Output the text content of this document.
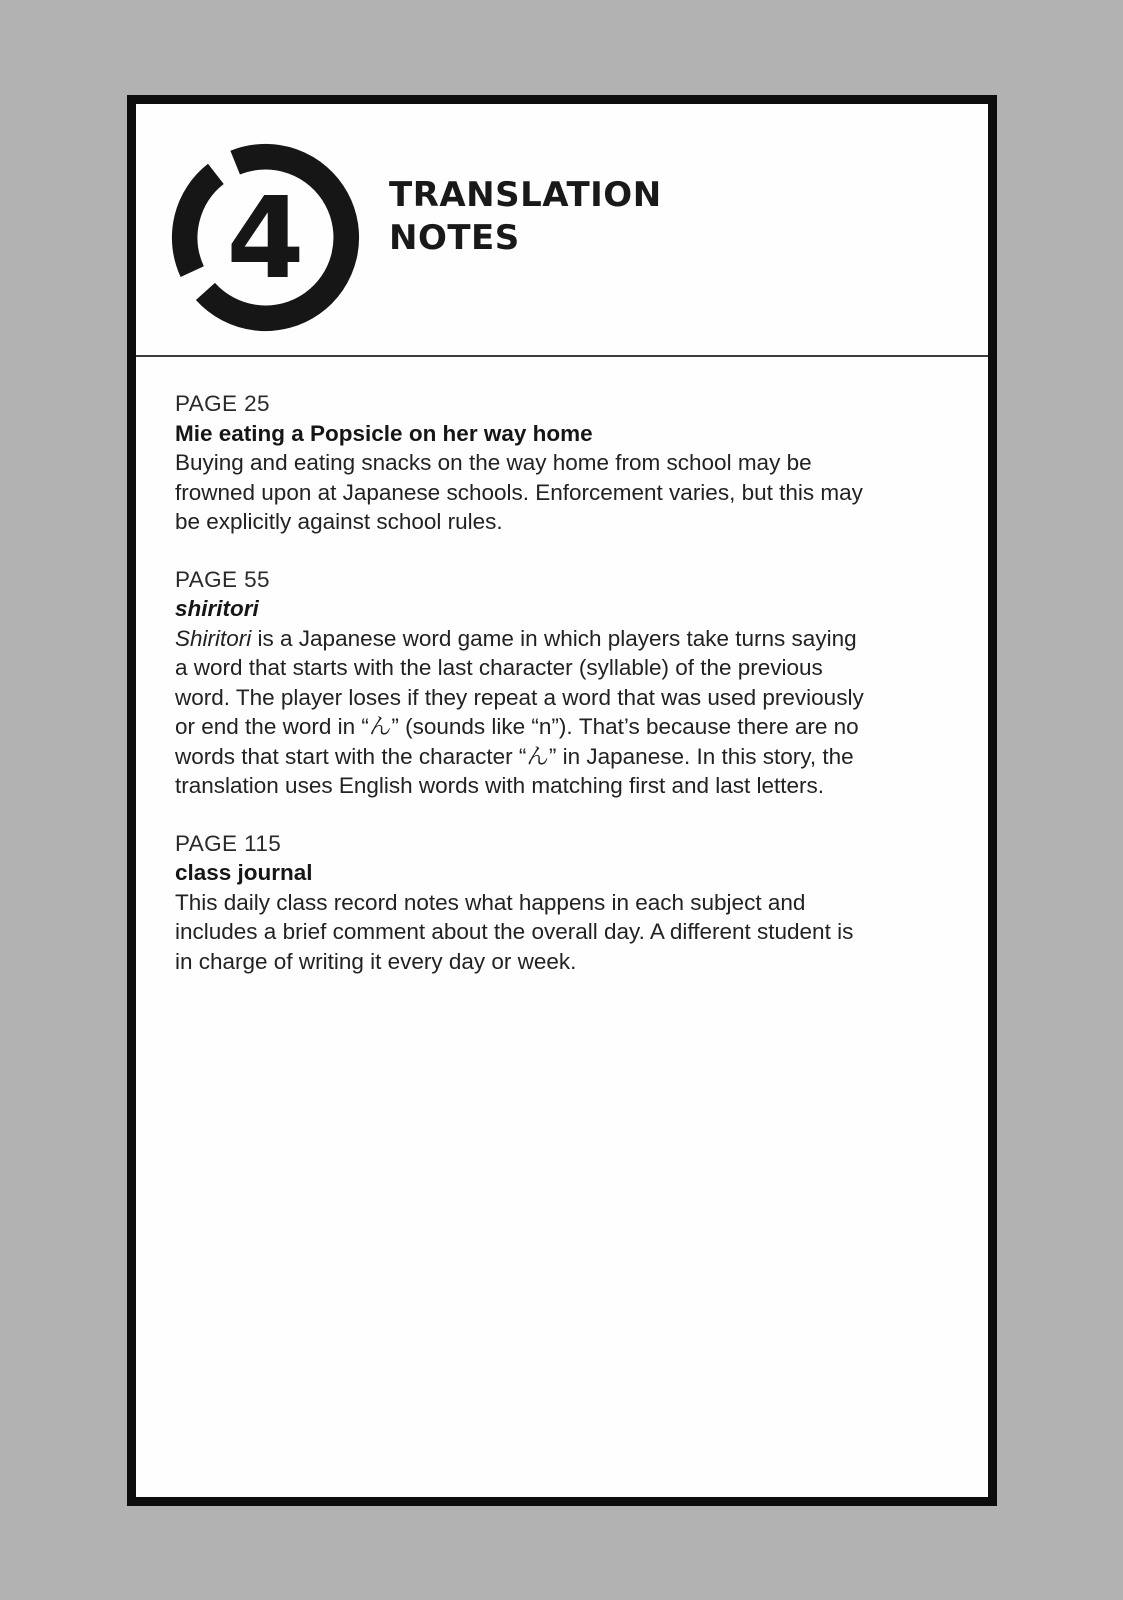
4	TRANSLATION
NOTES
PAGE 25
Mie eating a Popsicle on her way home
Buying and eating snacks on the way home from school may be
frowned upon at Japanese schools. Enforcement varies, but this may
be explicitly against school rules.
PAGE 55
shiritori
Shiritori is a Japanese word game in which players take turns saying
a word that starts with the last character (syllable) of the previous
word. The player loses if they repeat a word that was used previously
or end the word in “ん” (sounds like “n”). That’s because there are no
words that start with the character “ん” in Japanese. In this story, the
translation uses English words with matching first and last letters.
PAGE 115
class journal
This daily class record notes what happens in each subject and
includes a brief comment about the overall day. A different student is
in charge of writing it every day or week.
